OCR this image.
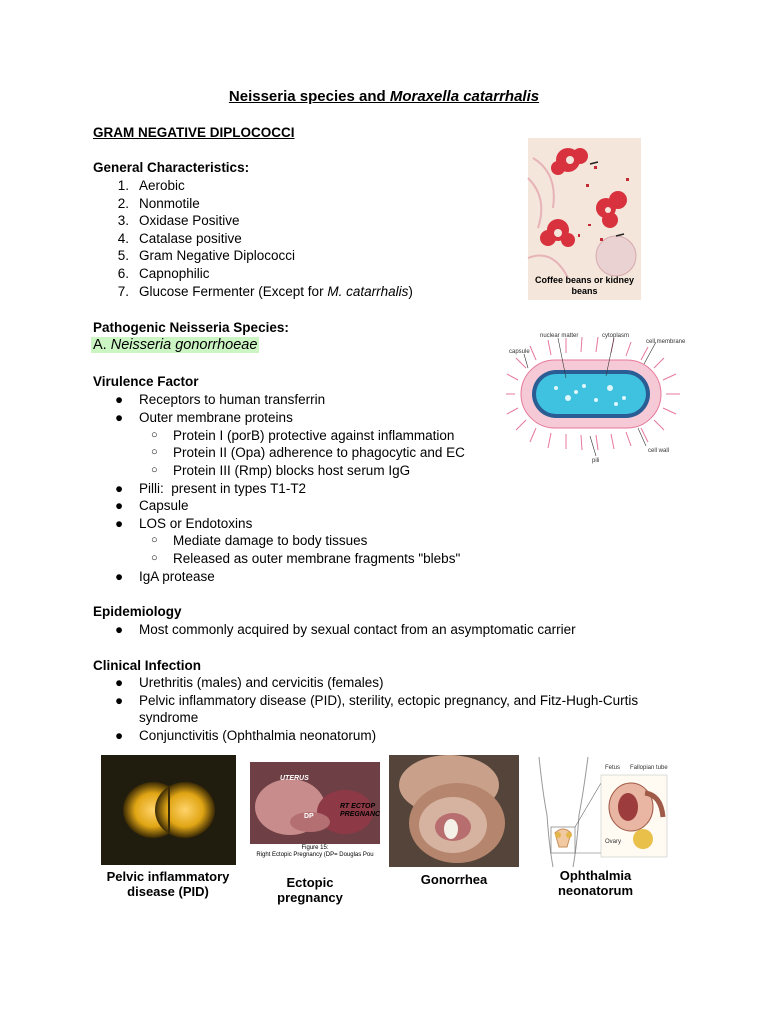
Neisseria species and Moraxella catarrhalis
GRAM NEGATIVE DIPLOCOCCI
General Characteristics:
1. Aerobic
2. Nonmotile
3. Oxidase Positive
4. Catalase positive
5. Gram Negative Diplococci
6. Capnophilic
7. Glucose Fermenter (Except for M. catarrhalis)
Coffee beans or kidney beans
nuclear matter	cytoplasm
cell membrane
capsule
cell wall
pili
Pathogenic Neisseria Species:
A. Neisseria gonorrhoeae
Virulence Factor
● Receptors to human transferrin
● Outer membrane proteins
○ Protein I (porB) protective against inflammation
○ Protein II (Opa) adherence to phagocytic and EC
○ Protein III (Rmp) blocks host serum IgG
● Pilli:  present in types T1-T2
● Capsule
● LOS or Endotoxins
○ Mediate damage to body tissues
○ Released as outer membrane fragments "blebs"
● IgA protease
Epidemiology
● Most commonly acquired by sexual contact from an asymptomatic carrier
Clinical Infection
● Urethritis (males) and cervicitis (females)
● Pelvic inflammatory disease (PID), sterility, ectopic pregnancy, and Fitz-Hugh-Curtis
syndrome
● Conjunctivitis (Ophthalmia neonatorum)
Pelvic inflammatory
disease (PID)
UTERUS
DP
RT ECTOP
PREGNANC
Figure 15:
Right Ectopic Pregnancy (DP= Douglas Pou
Ectopic
pregnancy
Gonorrhea
Fetus Fallopian tube
Ovary
Ophthalmia
neonatorum
